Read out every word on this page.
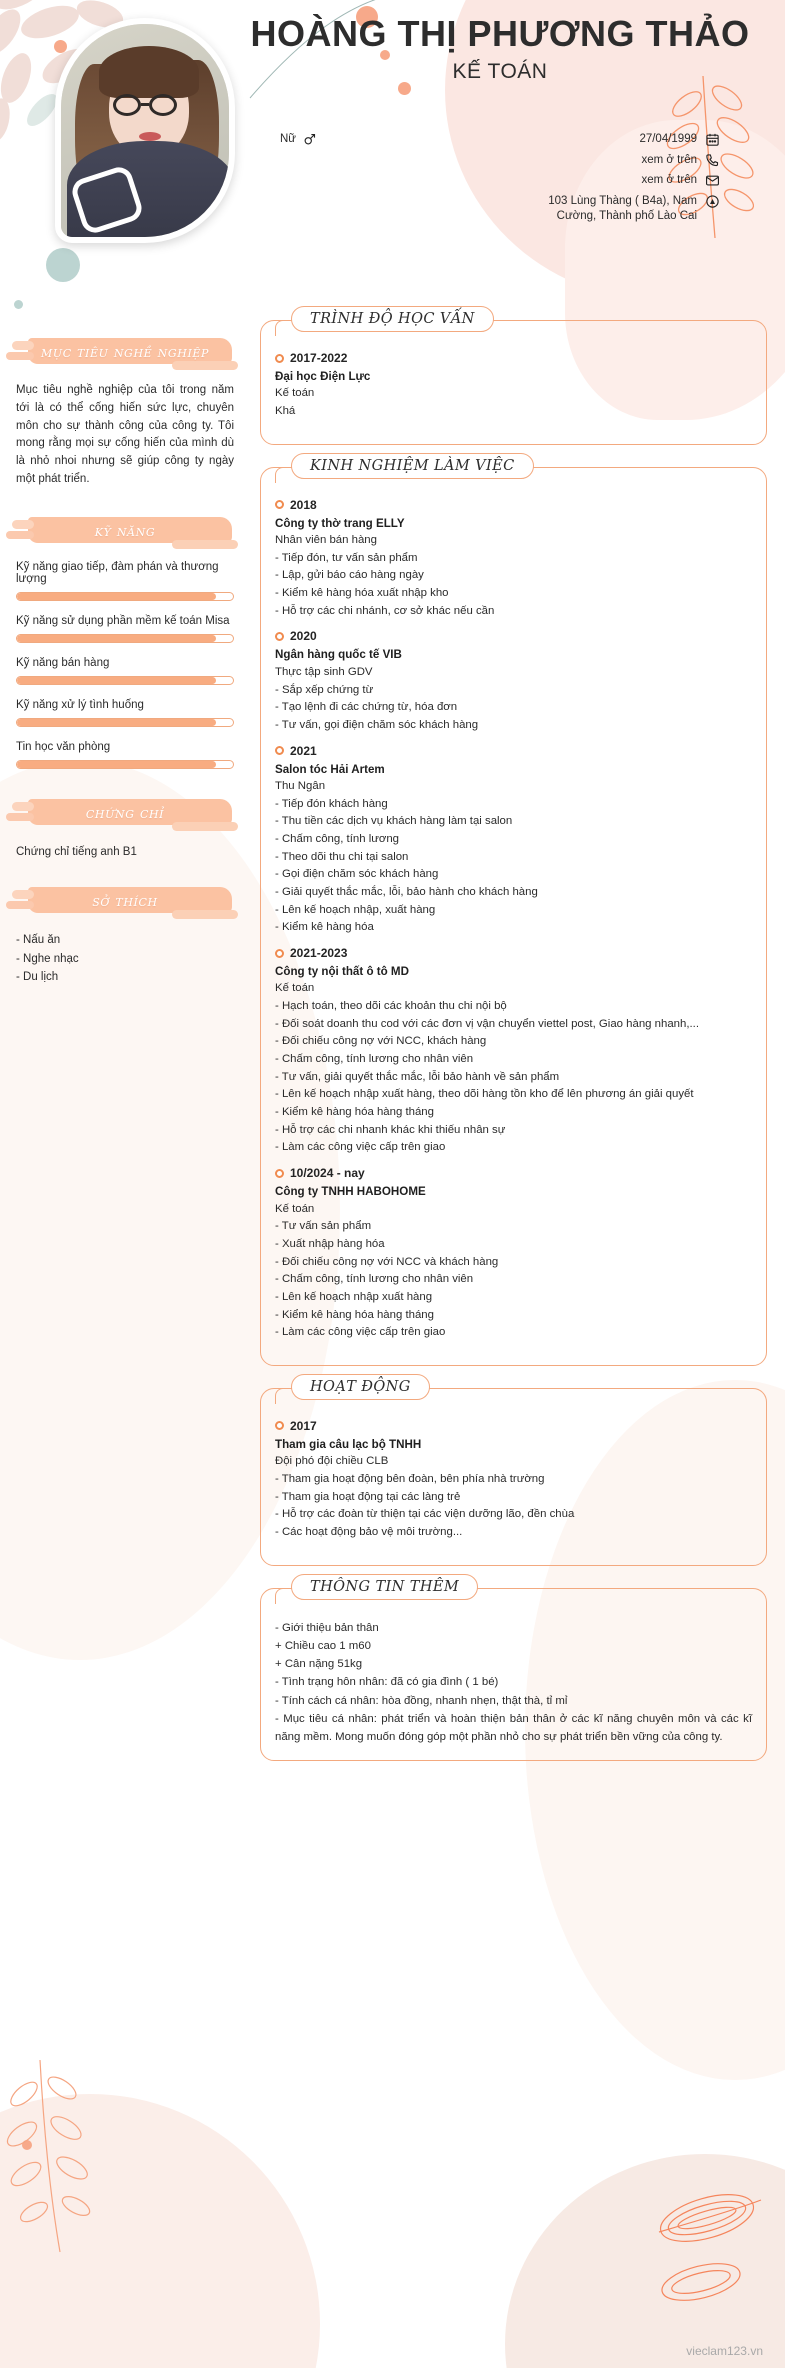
HOÀNG THỊ PHƯƠNG THẢO
KẾ TOÁN
Nữ	27/04/1999
xem ở trên
xem ở trên
103 Lùng Thàng ( B4a), Nam Cường, Thành phố Lào Cai
mục tiêu nghề nghiệp
Mục tiêu nghề nghiệp của tôi trong năm tới là có thể cống hiến sức lực, chuyên môn cho sự thành công của công ty. Tôi mong rằng mọi sự cống hiến của mình dù là nhỏ nhoi nhưng sẽ giúp công ty ngày một phát triển.
kỹ năng
Kỹ năng giao tiếp, đàm phán và thương lượng
Kỹ năng sử dụng phần mềm kế toán Misa
Kỹ năng bán hàng
Kỹ năng xử lý tình huống
Tin học văn phòng
chứng chỉ
Chứng chỉ tiếng anh B1
sở thích
- Nấu ăn
- Nghe nhạc
- Du lịch
TRÌNH ĐỘ HỌC VẤN
2017-2022
Đại học Điện Lực
Kế toán
Khá
KINH NGHIỆM LÀM VIỆC
2018
Công ty thờ trang ELLY
Nhân viên bán hàng
- Tiếp đón, tư vấn sản phẩm
- Lập, gửi báo cáo hàng ngày
- Kiểm kê hàng hóa xuất nhập kho
- Hỗ trợ các chi nhánh, cơ sở khác nếu cần
2020
Ngân hàng quốc tế VIB
Thực tập sinh GDV
- Sắp xếp chứng từ
- Tạo lệnh đi các chứng từ, hóa đơn
- Tư vấn, gọi điện chăm sóc khách hàng
2021
Salon tóc Hải Artem
Thu Ngân
- Tiếp đón khách hàng
- Thu tiền các dịch vụ khách hàng làm tại salon
- Chấm công, tính lương
- Theo dõi thu chi tại salon
- Gọi điện chăm sóc khách hàng
- Giải quyết thắc mắc, lỗi, bảo hành cho khách hàng
- Lên kế hoạch nhập, xuất hàng
- Kiểm kê hàng hóa
2021-2023
Công ty nội thất ô tô MD
Kế toán
- Hạch toán, theo dõi các khoản thu chi nội bộ
- Đối soát doanh thu cod với các đơn vị vận chuyển viettel post, Giao hàng nhanh,...
- Đối chiếu công nợ với NCC, khách hàng
- Chấm công, tính lương cho nhân viên
- Tư vấn, giải quyết thắc mắc, lỗi bảo hành về sản phẩm
- Lên kế hoạch nhập xuất hàng, theo dõi hàng tồn kho để lên phương án giải quyết
- Kiểm kê hàng hóa hàng tháng
- Hỗ trợ các chi nhanh khác khi thiếu nhân sự
- Làm các công việc cấp trên giao
10/2024 - nay
Công ty TNHH HABOHOME
Kế toán
- Tư vấn sản phẩm
- Xuất nhập hàng hóa
- Đối chiếu công nợ với NCC và khách hàng
- Chấm công, tính lương cho nhân viên
- Lên kế hoạch nhập xuất hàng
- Kiểm kê hàng hóa hàng tháng
- Làm các công việc cấp trên giao
HOẠT ĐỘNG
2017
Tham gia câu lạc bộ TNHH
Đội phó đội chiều CLB
- Tham gia hoạt động bên đoàn, bên phía nhà trường
- Tham gia hoạt động tại các làng trẻ
- Hỗ trợ các đoàn từ thiện tại các viện dưỡng lão, đền chùa
- Các hoạt động bảo vệ môi trường...
THÔNG TIN THÊM
- Giới thiệu bản thân
+ Chiều cao 1 m60
+ Cân nặng 51kg
- Tình trạng hôn nhân: đã có gia đình ( 1 bé)
- Tính cách cá nhân: hòa đồng, nhanh nhẹn, thật thà, tỉ mỉ
- Mục tiêu cá nhân: phát triển và hoàn thiện bản thân ở các kĩ năng chuyên môn và các kĩ năng mềm. Mong muốn đóng góp một phần nhỏ cho sự phát triển bền vững của công ty.
vieclam123.vn
